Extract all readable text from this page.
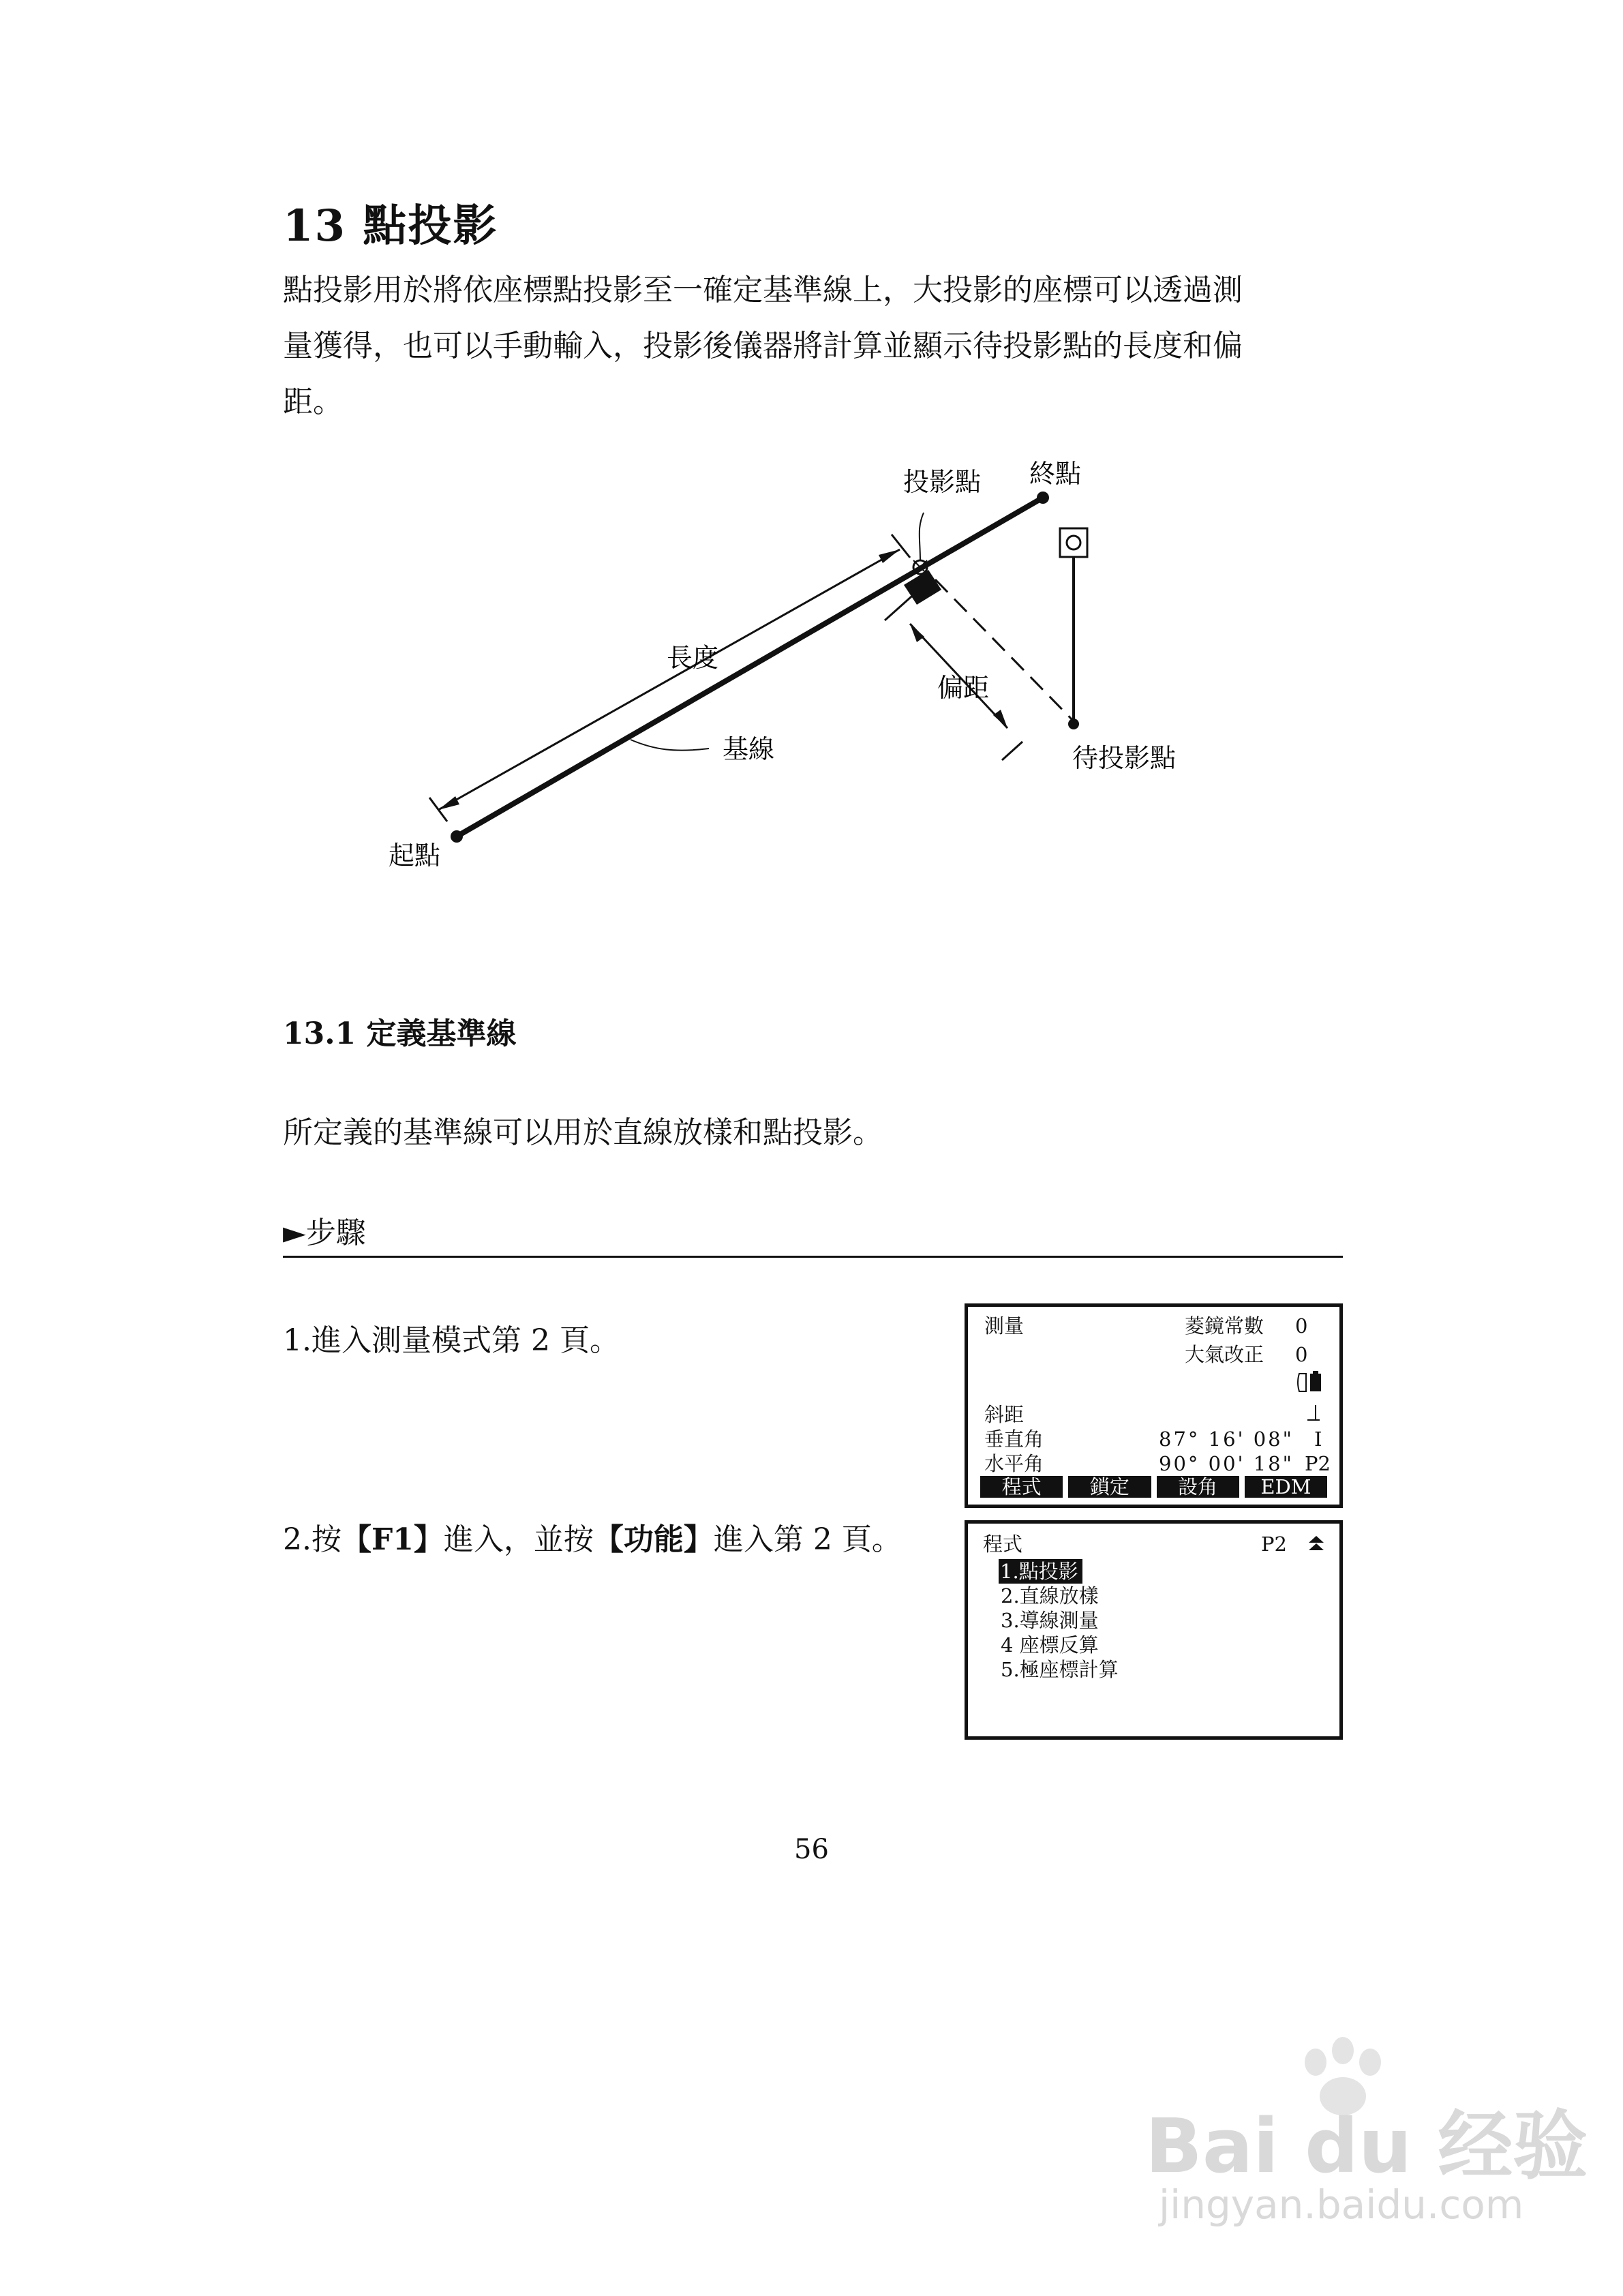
13 點投影
點投影用於將依座標點投影至一確定基準線上，大投影的座標可以透過測
量獲得，也可以手動輸入，投影後儀器將計算並顯示待投影點的長度和偏
距。
投影點 終點
長度
偏距
基線	待投影點
起點
13.1 定義基準線
所定義的基準線可以用於直線放樣和點投影。
►步驟
1.進入測量模式第 2 頁。
2.按【F1】進入，並按【功能】進入第 2 頁。
測量	菱鏡常數 0
大氣改正 0
斜距
垂直角	87° 16' 08" I
水平角	90° 00' 18" P2
程式	鎖定	設角	EDM
程式	P2
1.點投影
2.直線放樣
3.導線測量
4 座標反算
5.極座標計算
56
Bai du 经验
jingyan.baidu.com
